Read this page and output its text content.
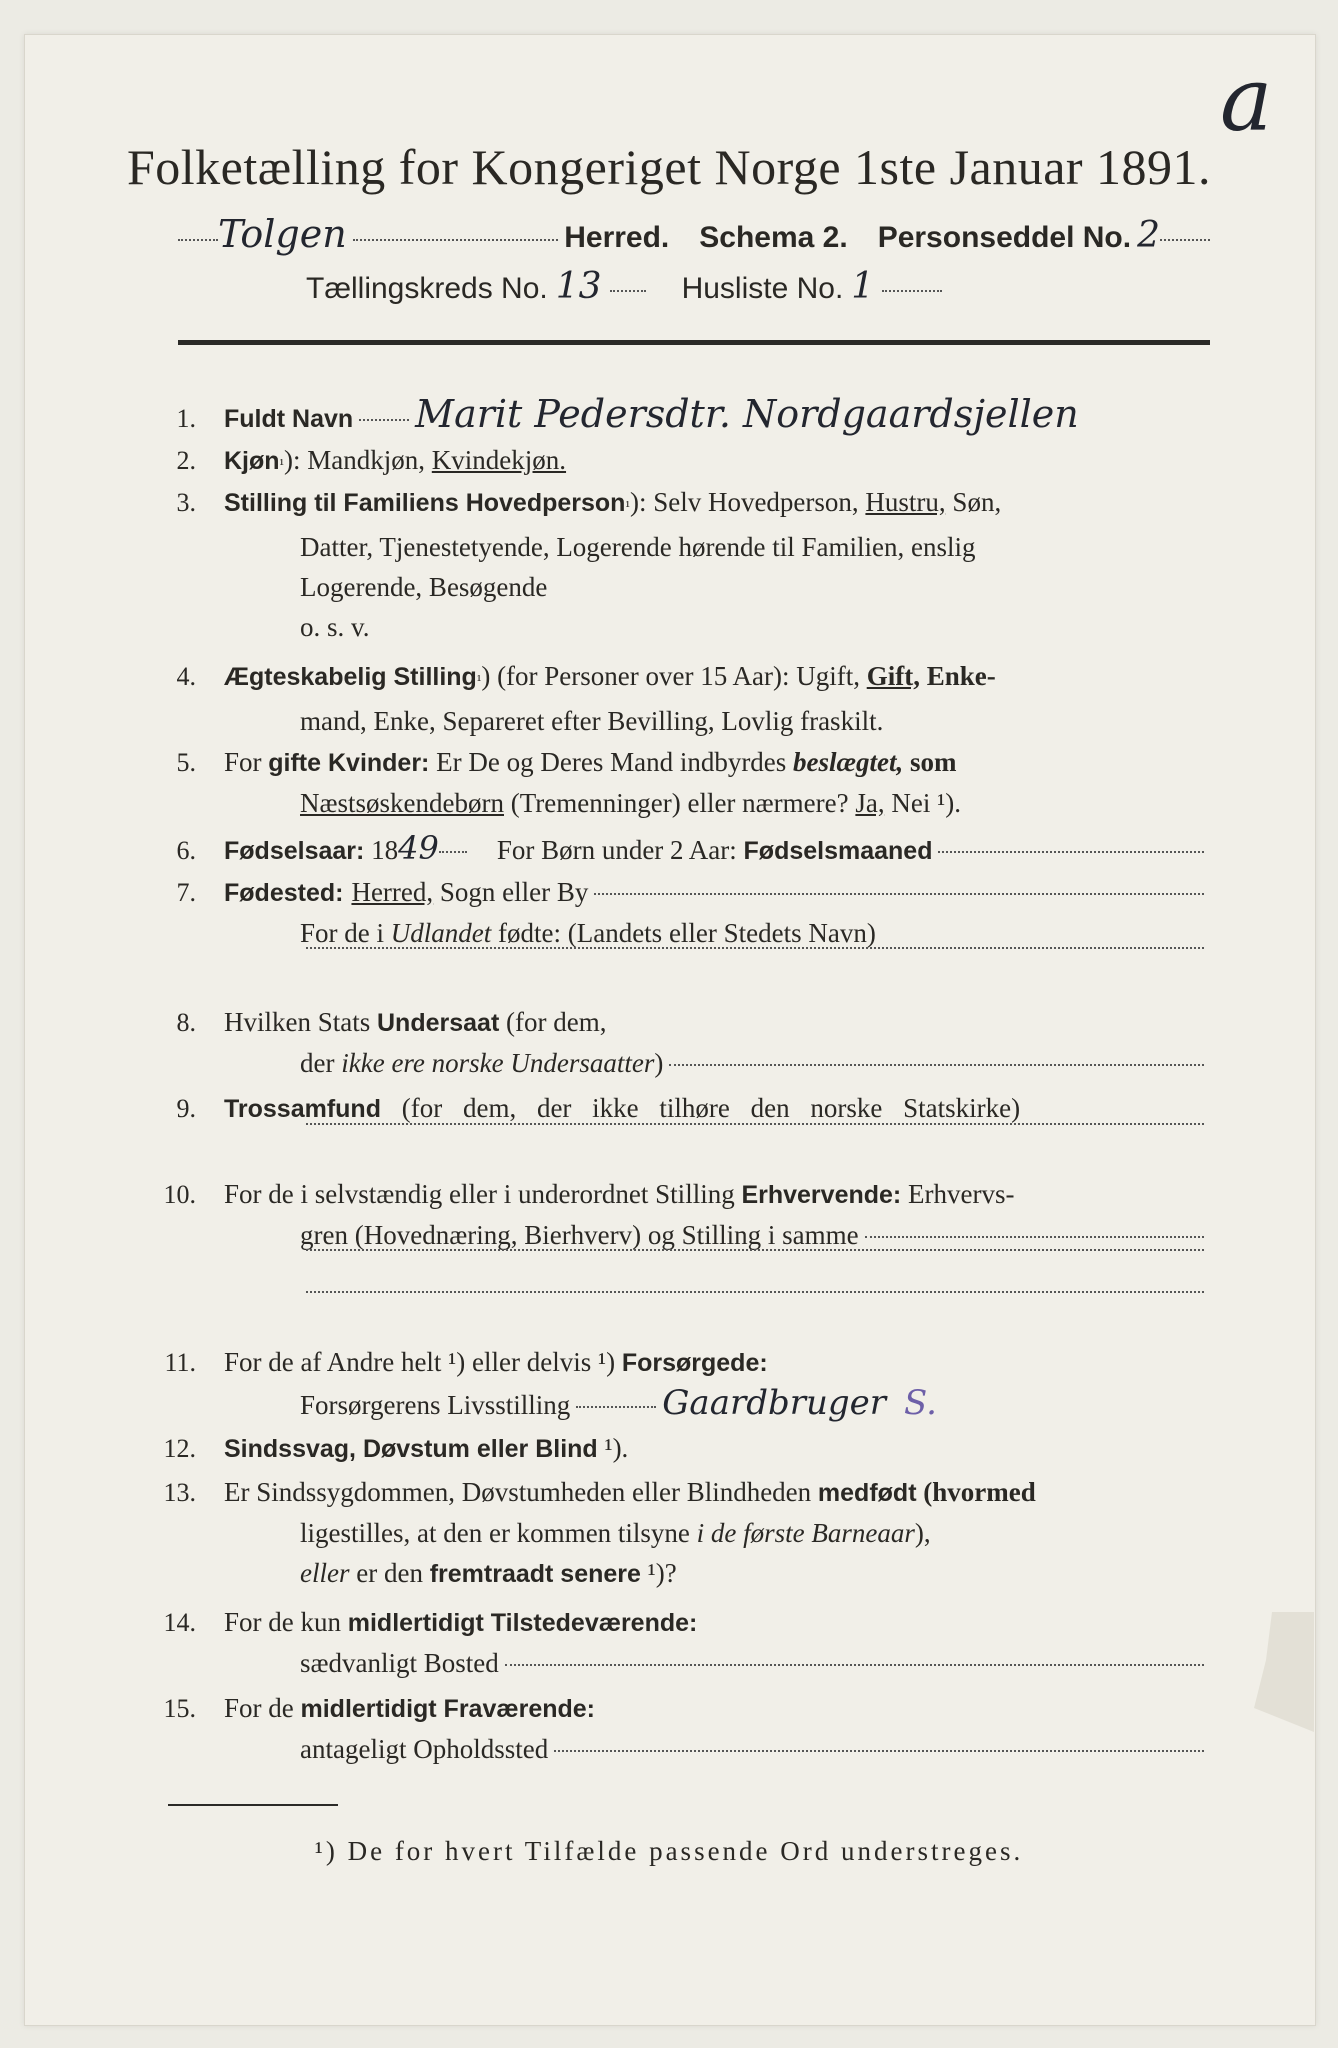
a
Folketælling for Kongeriget Norge 1ste Januar 1891.
Tolgen	Herred. Schema 2. Personseddel No. 2
Tællingskreds No. 13	Husliste No. 1
1. Fuldt Navn Marit Pedersdtr. Nordgaardsjellen
2. Kjøn ¹ ): Mandkjøn, Kvindekjøn.
3. Stilling til Familiens Hovedperson ¹ ): Selv Hovedperson, Hustru, Søn,
Datter, Tjenestetyende, Logerende hørende til Familien, enslig
Logerende, Besøgende
o. s. v.
4. Ægteskabelig Stilling ¹ ) (for Personer over 15 Aar): Ugift, Gift, Enke-
mand, Enke, Separeret efter Bevilling, Lovlig fraskilt.
5. For gifte Kvinder: Er De og Deres Mand indbyrdes beslægtet, som
Næstsøskendebørn (Tremenninger) eller nærmere? Ja, Nei ¹).
6. Fødselsaar: 18 49 For Børn under 2 Aar: Fødselsmaaned
7. Fødested: Herred, Sogn eller By
For de i Udlandet fødte: (Landets eller Stedets Navn)
8. Hvilken Stats Undersaat (for dem,
der ikke ere norske Undersaatter )
9. Trossamfund (for dem, der ikke tilhøre den norske Statskirke)
10. For de i selvstændig eller i underordnet Stilling Erhvervende: Erhvervs-
gren (Hovednæring, Bierhverv) og Stilling i samme
11. For de af Andre helt ¹) eller delvis ¹) Forsørgede:
Forsørgerens Livsstilling	Gaardbruger S.
12. Sindssvag, Døvstum eller Blind ¹).
13. Er Sindssygdommen, Døvstumheden eller Blindheden medfødt (hvormed
ligestilles, at den er kommen tilsyne i de første Barneaar ),
eller er den fremtraadt senere ¹)?
14. For de kun midlertidigt Tilstedeværende:
sædvanligt Bosted
15. For de midlertidigt Fraværende:
antageligt Opholdssted
¹) De for hvert Tilfælde passende Ord understreges.
